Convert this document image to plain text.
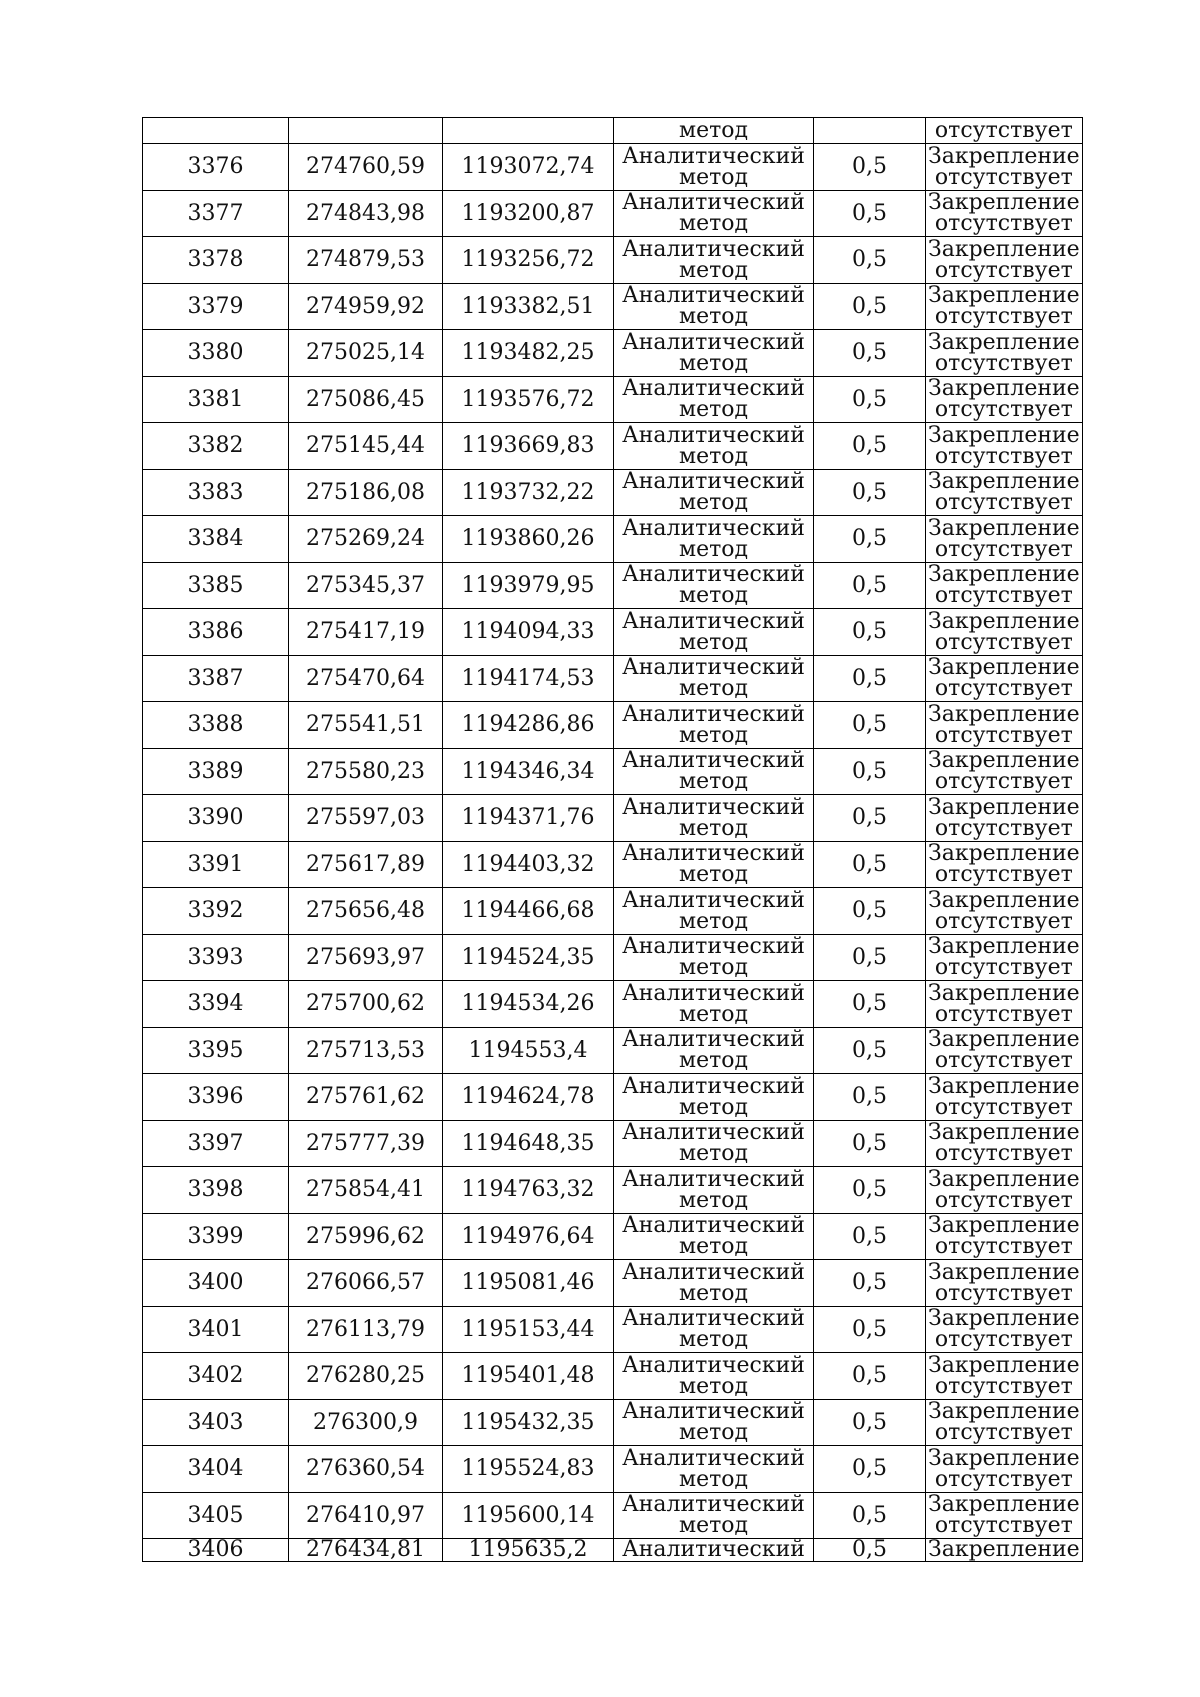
			метод		отсутствует
3376	274760,59	1193072,74	Аналитический
метод	0,5	Закрепление
отсутствует

3377	274843,98	1193200,87	Аналитический
метод	0,5	Закрепление
отсутствует

3378	274879,53	1193256,72	Аналитический
метод	0,5	Закрепление
отсутствует

3379	274959,92	1193382,51	Аналитический
метод	0,5	Закрепление
отсутствует

3380	275025,14	1193482,25	Аналитический
метод	0,5	Закрепление
отсутствует

3381	275086,45	1193576,72	Аналитический
метод	0,5	Закрепление
отсутствует

3382	275145,44	1193669,83	Аналитический
метод	0,5	Закрепление
отсутствует

3383	275186,08	1193732,22	Аналитический
метод	0,5	Закрепление
отсутствует

3384	275269,24	1193860,26	Аналитический
метод	0,5	Закрепление
отсутствует

3385	275345,37	1193979,95	Аналитический
метод	0,5	Закрепление
отсутствует

3386	275417,19	1194094,33	Аналитический
метод	0,5	Закрепление
отсутствует

3387	275470,64	1194174,53	Аналитический
метод	0,5	Закрепление
отсутствует

3388	275541,51	1194286,86	Аналитический
метод	0,5	Закрепление
отсутствует

3389	275580,23	1194346,34	Аналитический
метод	0,5	Закрепление
отсутствует

3390	275597,03	1194371,76	Аналитический
метод	0,5	Закрепление
отсутствует

3391	275617,89	1194403,32	Аналитический
метод	0,5	Закрепление
отсутствует

3392	275656,48	1194466,68	Аналитический
метод	0,5	Закрепление
отсутствует

3393	275693,97	1194524,35	Аналитический
метод	0,5	Закрепление
отсутствует

3394	275700,62	1194534,26	Аналитический
метод	0,5	Закрепление
отсутствует

3395	275713,53	1194553,4	Аналитический
метод	0,5	Закрепление
отсутствует

3396	275761,62	1194624,78	Аналитический
метод	0,5	Закрепление
отсутствует

3397	275777,39	1194648,35	Аналитический
метод	0,5	Закрепление
отсутствует

3398	275854,41	1194763,32	Аналитический
метод	0,5	Закрепление
отсутствует

3399	275996,62	1194976,64	Аналитический
метод	0,5	Закрепление
отсутствует

3400	276066,57	1195081,46	Аналитический
метод	0,5	Закрепление
отсутствует

3401	276113,79	1195153,44	Аналитический
метод	0,5	Закрепление
отсутствует

3402	276280,25	1195401,48	Аналитический
метод	0,5	Закрепление
отсутствует

3403	276300,9	1195432,35	Аналитический
метод	0,5	Закрепление
отсутствует

3404	276360,54	1195524,83	Аналитический
метод	0,5	Закрепление
отсутствует

3405	276410,97	1195600,14	Аналитический
метод	0,5	Закрепление
отсутствует

3406	276434,81	1195635,2	Аналитический	0,5	Закрепление
